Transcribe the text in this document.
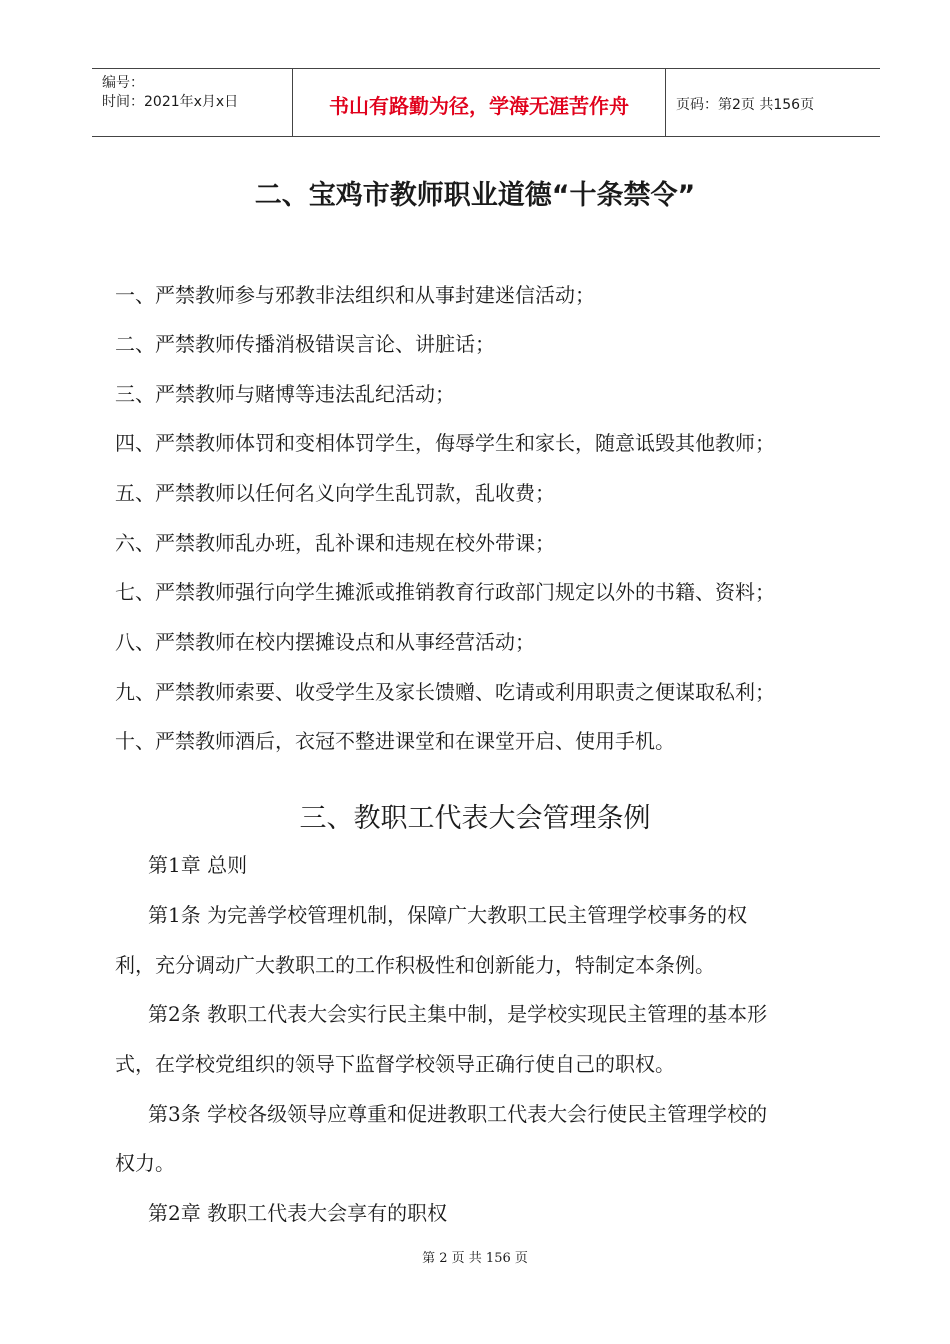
编号：
时间：2021年x月x日	书山有路勤为径，学海无涯苦作舟	页码：第2页 共156页
二、宝鸡市教师职业道德“十条禁令”
一、严禁教师参与邪教非法组织和从事封建迷信活动；
二、严禁教师传播消极错误言论、讲脏话；
三、严禁教师与赌博等违法乱纪活动；
四、严禁教师体罚和变相体罚学生，侮辱学生和家长，随意诋毁其他教师；
五、严禁教师以任何名义向学生乱罚款，乱收费；
六、严禁教师乱办班，乱补课和违规在校外带课；
七、严禁教师强行向学生摊派或推销教育行政部门规定以外的书籍、资料；
八、严禁教师在校内摆摊设点和从事经营活动；
九、严禁教师索要、收受学生及家长馈赠、吃请或利用职责之便谋取私利；
十、严禁教师酒后，衣冠不整进课堂和在课堂开启、使用手机。
三、教职工代表大会管理条例
第1章 总则
第1条 为完善学校管理机制，保障广大教职工民主管理学校事务的权
利，充分调动广大教职工的工作积极性和创新能力，特制定本条例。
第2条 教职工代表大会实行民主集中制，是学校实现民主管理的基本形
式，在学校党组织的领导下监督学校领导正确行使自己的职权。
第3条 学校各级领导应尊重和促进教职工代表大会行使民主管理学校的
权力。
第2章 教职工代表大会享有的职权
第 2 页 共 156 页
